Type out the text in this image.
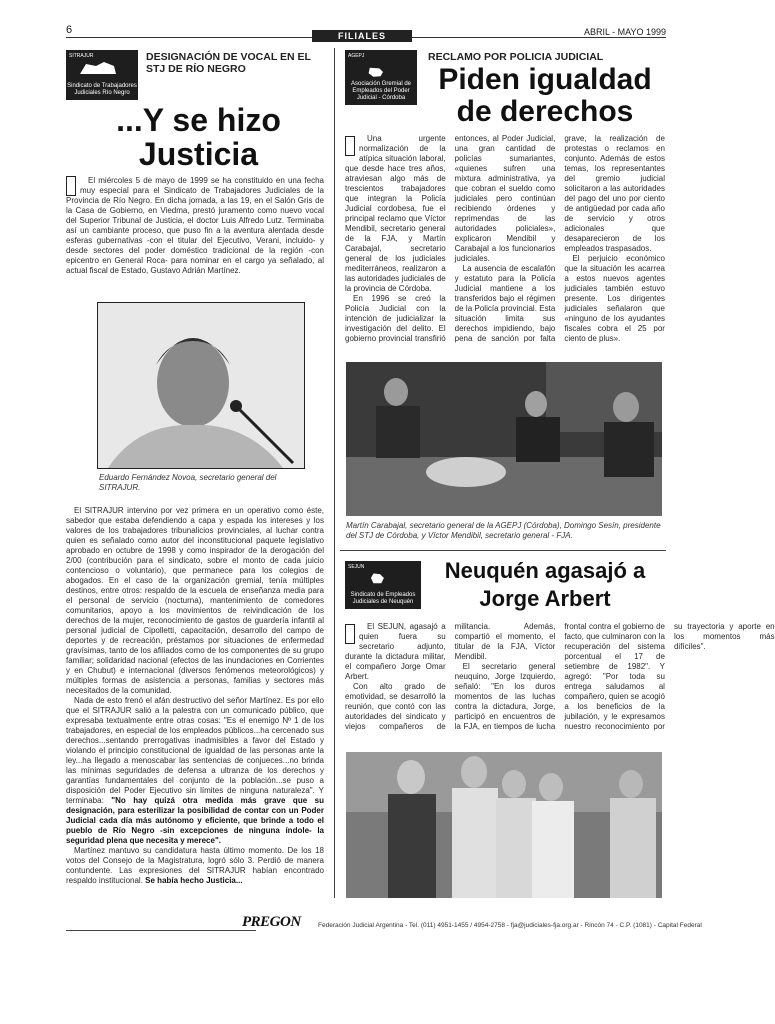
6	FILIALES	ABRIL - MAYO 1999
SITRAJUR
Sindicato de Trabajadores Judiciales Río Negro
DESIGNACIÓN DE VOCAL EN EL STJ DE RÍO NEGRO
...Y se hizo
Justicia

El miércoles 5 de mayo de 1999 se ha constituido en una fecha muy especial para el Sindicato de Trabajadores Judiciales de la Provincia de Río Negro. En dicha jornada, a las 19, en el Salón Gris de la Casa de Gobierno, en Viedma, prestó juramento como nuevo vocal del Superior Tribunal de Justicia, el doctor Luis Alfredo Lutz. Terminaba así un cambiante proceso, que puso fin a la aventura alentada desde esferas gubernativas -con el titular del Ejecutivo, Verani, incluido- y desde sectores del poder doméstico tradicional de la región -con epicentro en General Roca- para nominar en el cargo ya señalado, al actual fiscal de Estado, Gustavo Adrián Martínez.

Eduardo Fernández Novoa, secretario general del SITRAJUR.

El SITRAJUR intervino por vez primera en un operativo como éste, sabedor que estaba defendiendo a capa y espada los intereses y los valores de los trabajadores tribunalicios provinciales, al luchar contra quien es señalado como autor del inconstitucional paquete legislativo aprobado en octubre de 1998 y como inspirador de la derogación del 2/00 (contribución para el sindicato, sobre el monto de cada juicio contencioso o voluntario), que permanece para los colegios de abogados. En el caso de la organización gremial, tenía múltiples destinos, entre otros: respaldo de la escuela de enseñanza media para el personal de servicio (nocturna), mantenimiento de comedores comunitarios, apoyo a los movimientos de reivindicación de los derechos de la mujer, reconocimiento de gastos de guardería infantil al personal judicial de Cipolletti, capacitación, desarrollo del campo de deportes y de recreación, préstamos por situaciones de enfermedad gravísimas, tanto de los afiliados como de los componentes de su grupo familiar; solidaridad nacional (efectos de las inundaciones en Corrientes y en Chubut) e internacional (diversos fenómenos meteorológicos) y múltiples formas de asistencia a personas, familias y sectores más necesitados de la comunidad.

Nada de esto frenó el afán destructivo del señor Martínez. Es por ello que el SITRAJUR salió a la palestra con un comunicado público, que expresaba textualmente entre otras cosas: "Es el enemigo Nº 1 de los trabajadores, en especial de los empleados públicos...ha cercenado sus derechos...sentando prerrogativas inadmisibles a favor del Estado y violando el principio constitucional de igualdad de las personas ante la ley...ha llegado a menoscabar las sentencias de conjueces...no brinda las mínimas seguridades de defensa a ultranza de los derechos y garantías fundamentales del conjunto de la población...se puso a disposición del Poder Ejecutivo sin límites de ninguna naturaleza". Y terminaba: "No hay quizá otra medida más grave que su designación, para esterilizar la posibilidad de contar con un Poder Judicial cada día más autónomo y eficiente, que brinde a todo el pueblo de Río Negro -sin excepciones de ninguna índole- la seguridad plena que necesita y merece".

Martínez mantuvo su candidatura hasta último momento. De los 18 votos del Consejo de la Magistratura, logró sólo 3. Perdió de manera contundente. Las expresiones del SITRAJUR habían encontrado respaldo institucional. Se había hecho Justicia...

AGEPJ
Asociación Gremial de Empleados del Poder Judicial - Córdoba
RECLAMO POR POLICIA JUDICIAL
Piden igualdad
de derechos

Una urgente normalización de la atípica situación laboral, que desde hace tres años, atraviesan algo más de trescientos trabajadores que integran la Policía Judicial cordobesa, fue el principal reclamo que Víctor Mendibil, secretario general de la FJA, y Martín Carabajal, secretario general de los judiciales mediterráneos, realizaron a las autoridades judiciales de la provincia de Córdoba.

En 1996 se creó la Policía Judicial con la intención de judicializar la investigación del delito. El gobierno provincial transfirió entonces, al Poder Judicial, una gran cantidad de policías sumariantes, «quienes sufren una mixtura administrativa, ya que cobran el sueldo como judiciales pero continúan recibiendo órdenes y reprimendas de las autoridades policiales», explicaron Mendibil y Carabajal a los funcionarios judiciales.

La ausencia de escalafón y estatuto para la Policía Judicial mantiene a los transferidos bajo el régimen de la Policía provincial. Esta situación limita sus derechos impidiendo, bajo pena de sanción por falta grave, la realización de protestas o reclamos en conjunto. Además de estos temas, los representantes del gremio judicial solicitaron a las autoridades del pago del uno por ciento de antigüedad por cada año de servicio y otros adicionales que desaparecieron de los empleados traspasados.

El perjuicio económico que la situación les acarrea a estos nuevos agentes judiciales también estuvo presente. Los dirigentes judiciales señalaron que «ninguno de los ayudantes fiscales cobra el 25 por ciento de plus».

Martín Carabajal, secretario general de la AGEPJ (Córdoba), Domingo Sesín, presidente del STJ de Córdoba, y Víctor Mendibil, secretario general - FJA.
SEJUN
Sindicato de Empleados Judiciales de Neuquén
Neuquén agasajó a
Jorge Arbert

El SEJUN, agasajó a quien fuera su secretario adjunto, durante la dictadura militar, el compañero Jorge Omar Arbert.

Con alto grado de emotividad, se desarrolló la reunión, que contó con las autoridades del sindicato y viejos compañeros de militancia. Además, compartió el momento, el titular de la FJA, Víctor Mendibil.

El secretario general neuquino, Jorge Izquierdo, señaló: "En los duros momentos de las luchas contra la dictadura, Jorge, participó en encuentros de la FJA, en tiempos de lucha frontal contra el gobierno de facto, que culminaron con la recuperación del sistema porcentual el 17 de setiembre de 1982". Y agregó: "Por toda su entrega saludamos al compañero, quien se acogió a los beneficios de la jubilación, y le expresamos nuestro reconocimiento por su trayectoria y aporte en los momentos más difíciles".

PREGON	Federación Judicial Argentina - Tel. (011) 4951-1455 / 4954-2758 - fja@judiciales-fja.org.ar - Rincón 74 - C.P. (1081) - Capital Federal
